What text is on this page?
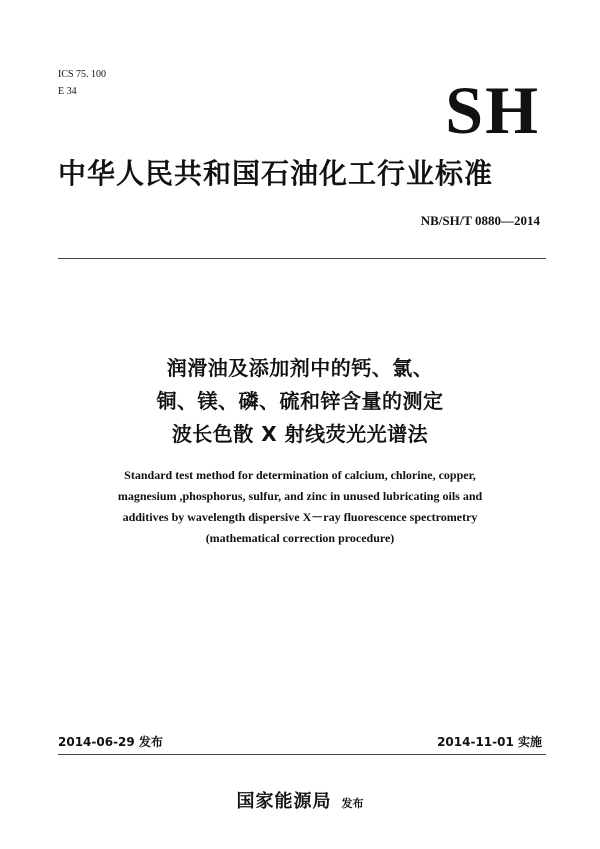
ICS 75. 100
E 34	SH
中华人民共和国石油化工行业标准
NB/SH/T 0880—2014
润滑油及添加剂中的钙、氯、
铜、镁、磷、硫和锌含量的测定
波长色散 X 射线荧光光谱法
Standard test method for determination of calcium, chlorine, copper,
magnesium ,phosphorus, sulfur, and zinc in unused lubricating oils and
additives by wavelength dispersive X－ray fluorescence spectrometry
(mathematical correction procedure)
2014-06-29 发布	2014-11-01 实施
国家能源局 发布
